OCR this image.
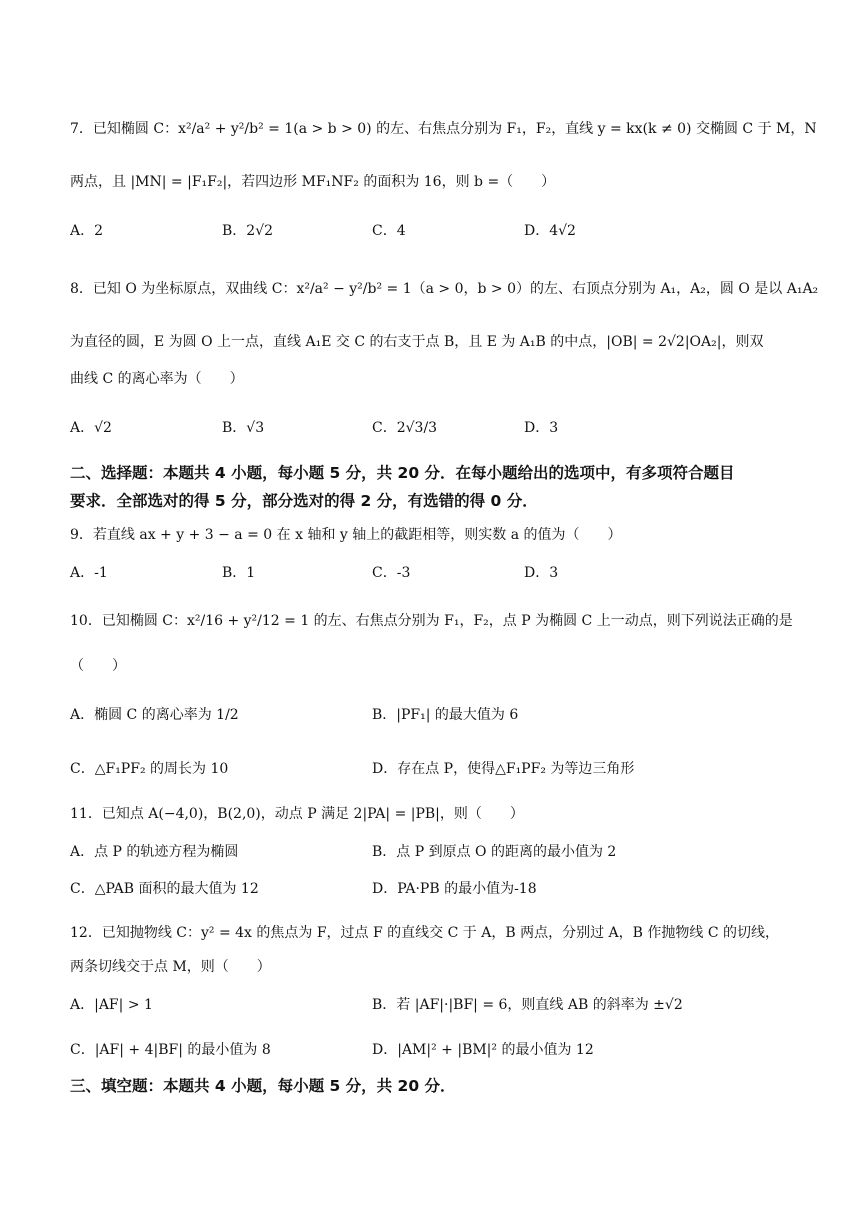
7．已知椭圆 C：x²/a² + y²/b² = 1(a > b > 0) 的左、右焦点分别为 F₁，F₂，直线 y = kx(k ≠ 0) 交椭圆 C 于 M，N
两点，且 |MN| = |F₁F₂|，若四边形 MF₁NF₂ 的面积为 16，则 b =（　　）
A．2	B．2√2	C．4	D．4√2
8．已知 O 为坐标原点，双曲线 C：x²/a² − y²/b² = 1（a > 0，b > 0）的左、右顶点分别为 A₁，A₂，圆 O 是以 A₁A₂
为直径的圆，E 为圆 O 上一点，直线 A₁E 交 C 的右支于点 B，且 E 为 A₁B 的中点，|OB| = 2√2|OA₂|，则双
曲线 C 的离心率为（　　）
A．√2	B．√3	C．2√3/3	D．3
二、选择题：本题共 4 小题，每小题 5 分，共 20 分．在每小题给出的选项中，有多项符合题目
要求．全部选对的得 5 分，部分选对的得 2 分，有选错的得 0 分．
9．若直线 ax + y + 3 − a = 0 在 x 轴和 y 轴上的截距相等，则实数 a 的值为（　　）
A．-1	B．1	C．-3	D．3
10．已知椭圆 C：x²/16 + y²/12 = 1 的左、右焦点分别为 F₁，F₂，点 P 为椭圆 C 上一动点，则下列说法正确的是
（　　）
A．椭圆 C 的离心率为 1/2	B．|PF₁| 的最大值为 6
C．△F₁PF₂ 的周长为 10	D．存在点 P，使得△F₁PF₂ 为等边三角形
11．已知点 A(−4,0)，B(2,0)，动点 P 满足 2|PA| = |PB|，则（　　）
A．点 P 的轨迹方程为椭圆	B．点 P 到原点 O 的距离的最小值为 2
C．△PAB 面积的最大值为 12	D．PA·PB 的最小值为-18
12．已知抛物线 C：y² = 4x 的焦点为 F，过点 F 的直线交 C 于 A，B 两点，分别过 A，B 作抛物线 C 的切线，
两条切线交于点 M，则（　　）
A．|AF| > 1	B．若 |AF|·|BF| = 6，则直线 AB 的斜率为 ±√2
C．|AF| + 4|BF| 的最小值为 8	D．|AM|² + |BM|² 的最小值为 12
三、填空题：本题共 4 小题，每小题 5 分，共 20 分．
